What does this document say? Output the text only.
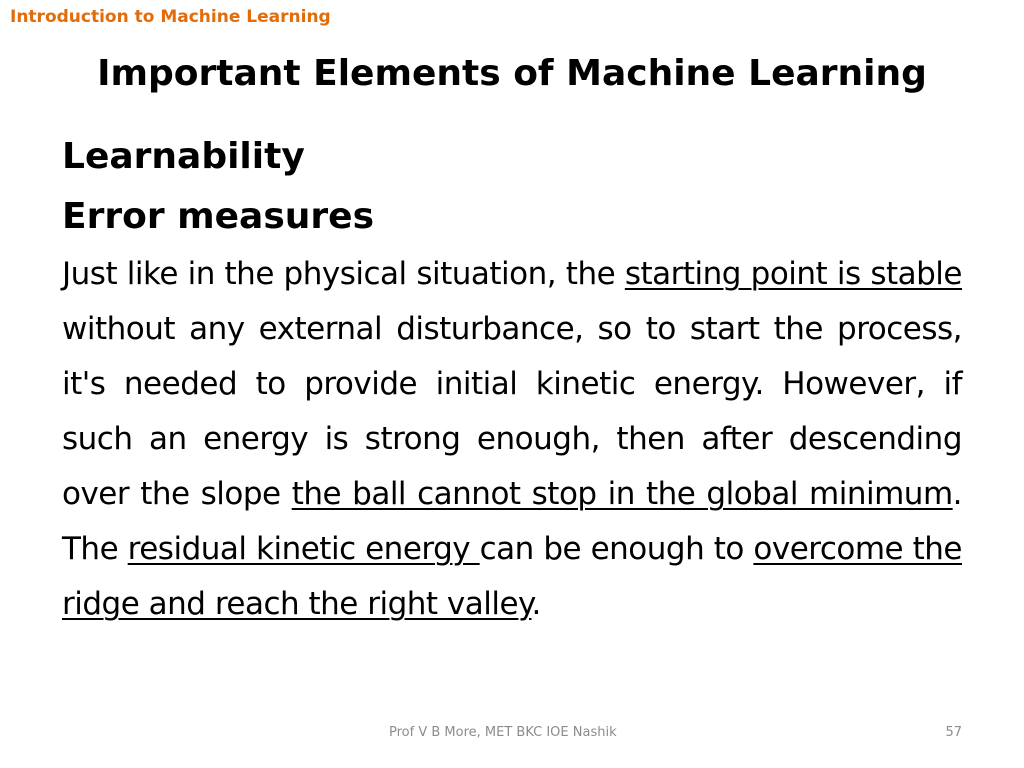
Introduction to Machine Learning
Important Elements of Machine Learning

Learnability

Error measures

Just like in the physical situation, the starting point is stable without any external disturbance, so to start the process, it's needed to provide initial kinetic energy. However, if such an energy is strong enough, then after descending over the slope the ball cannot stop in the global minimum. The residual kinetic energy can be enough to overcome the ridge and reach the right valley.

Prof V B More, MET BKC IOE Nashik	57
